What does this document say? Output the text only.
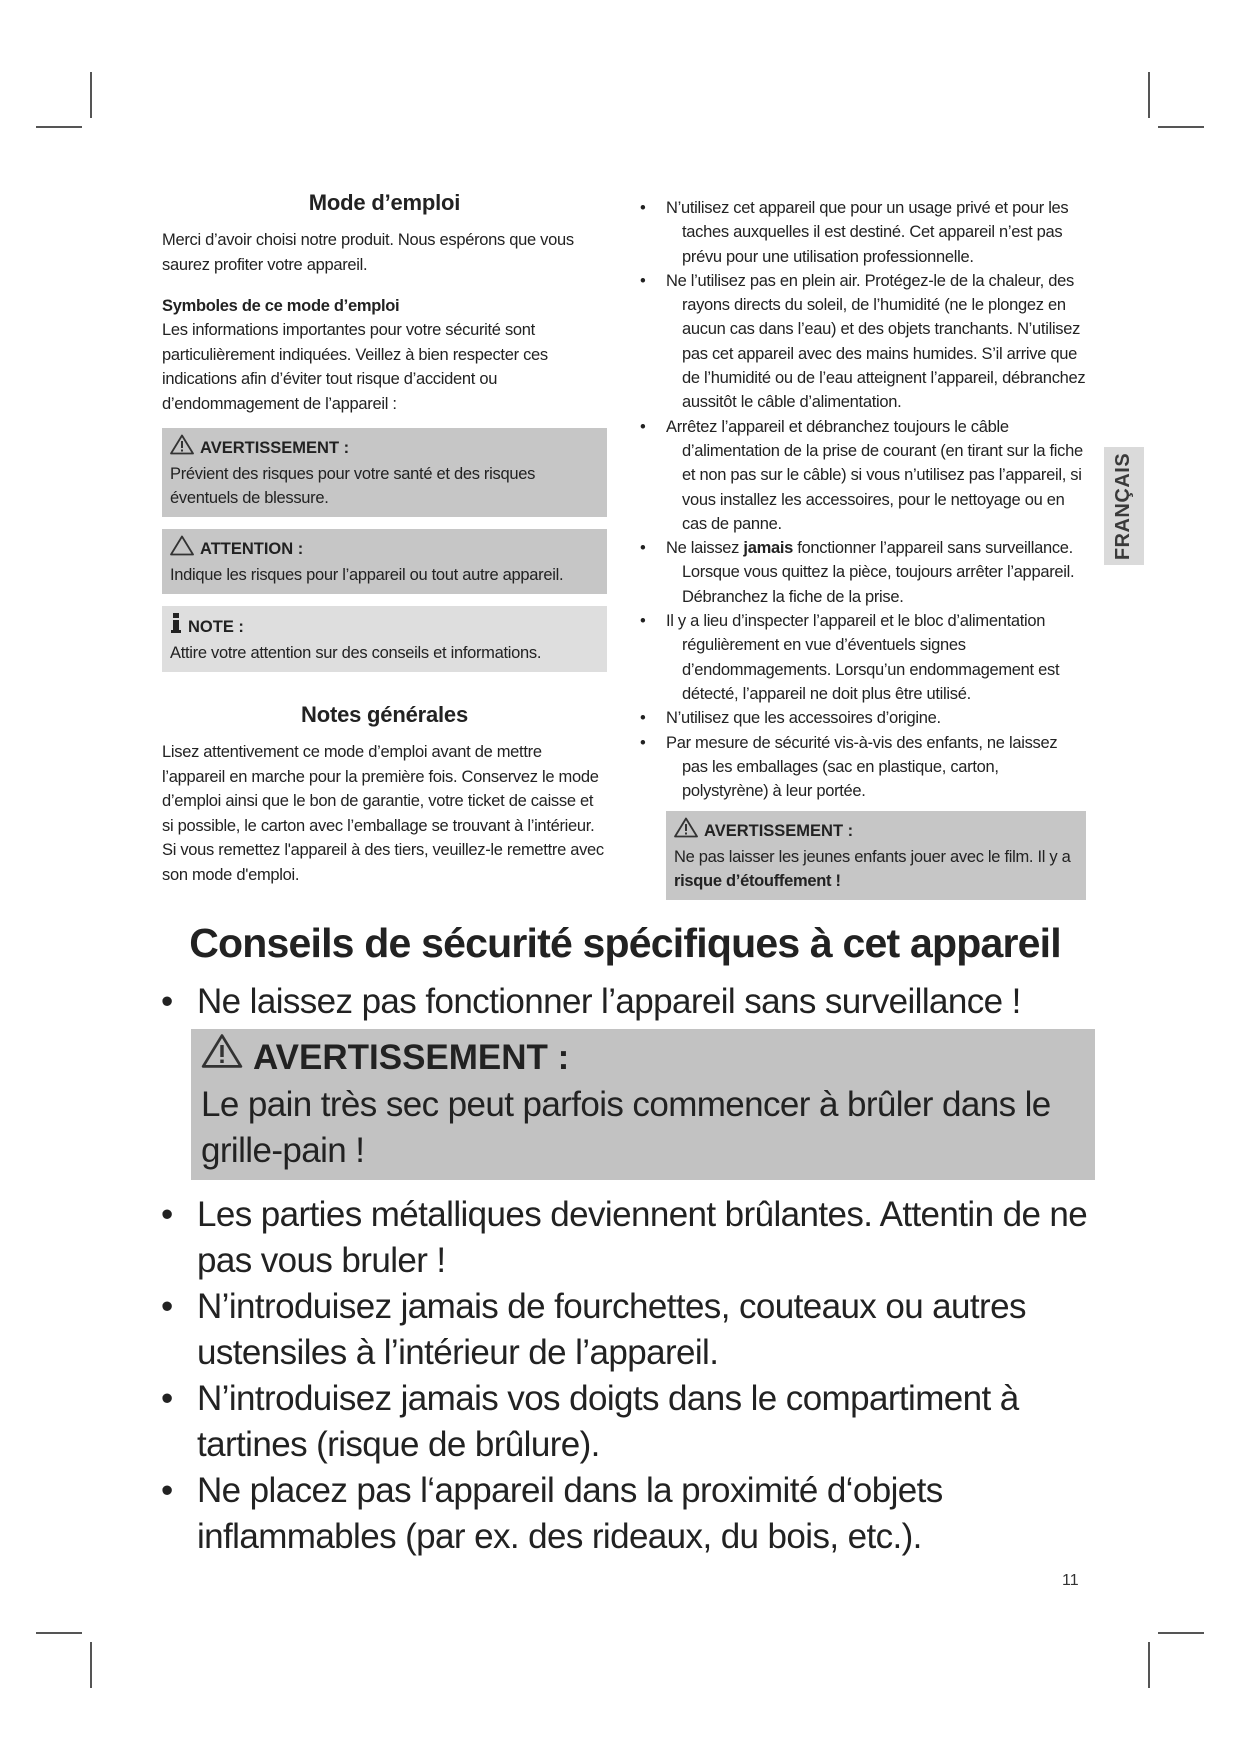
Mode d’emploi

Merci d’avoir choisi notre produit. Nous espérons que vous saurez profiter votre appareil.

Symboles de ce mode d’emploi

Les informations importantes pour votre sécurité sont particulièrement indiquées. Veillez à bien respecter ces indications afin d’éviter tout risque d’accident ou d’endommagement de l’appareil :

AVERTISSEMENT :
Prévient des risques pour votre santé et des risques éventuels de blessure.
ATTENTION :
Indique les risques pour l’appareil ou tout autre appareil.
NOTE :
Attire votre attention sur des conseils et informations.
Notes générales

Lisez attentivement ce mode d’emploi avant de mettre l’appareil en marche pour la première fois. Conservez le mode d’emploi ainsi que le bon de garantie, votre ticket de caisse et si possible, le carton avec l’emballage se trouvant à l’intérieur. Si vous remettez l'appareil à des tiers, veuillez-le remettre avec son mode d'emploi.

• N’utilisez cet appareil que pour un usage privé et pour les taches auxquelles il est destiné. Cet appareil n’est pas prévu pour une utilisation professionnelle.
• Ne l’utilisez pas en plein air. Protégez-le de la chaleur, des rayons directs du soleil, de l’humidité (ne le plongez en aucun cas dans l’eau) et des objets tranchants. N’utilisez pas cet appareil avec des mains humides. S’il arrive que de l’humidité ou de l’eau atteignent l’appareil, débranchez aussitôt le câble d’alimentation.
• Arrêtez l’appareil et débranchez toujours le câble d’alimentation de la prise de courant (en tirant sur la fiche et non pas sur le câble) si vous n’utilisez pas l’appareil, si vous installez les accessoires, pour le nettoyage ou en cas de panne.
• Ne laissez jamais fonctionner l’appareil sans surveillance. Lorsque vous quittez la pièce, toujours arrêter l’appareil. Débranchez la fiche de la prise.
• Il y a lieu d’inspecter l’appareil et le bloc d’alimentation régulièrement en vue d’éventuels signes d’endommagements. Lorsqu’un endommagement est détecté, l’appareil ne doit plus être utilisé.
• N’utilisez que les accessoires d’origine.
• Par mesure de sécurité vis-à-vis des enfants, ne laissez pas les emballages (sac en plastique, carton, polystyrène) à leur portée.
AVERTISSEMENT :
Ne pas laisser les jeunes enfants jouer avec le film. Il y a risque d’étouffement !
FRANÇAIS
Conseils de sécurité spécifiques à cet appareil
• Ne laissez pas fonctionner l’appareil sans surveillance !
AVERTISSEMENT :
Le pain très sec peut parfois commencer à brûler dans le grille-pain !
• Les parties métalliques deviennent brûlantes. Attentin de ne pas vous bruler !
• N’introduisez jamais de fourchettes, couteaux ou autres ustensiles à l’intérieur de l’appareil.
• N’introduisez jamais vos doigts dans le compartiment à tartines (risque de brûlure).
• Ne placez pas l‘appareil dans la proximité d‘objets inflammables (par ex. des rideaux, du bois, etc.).
11
